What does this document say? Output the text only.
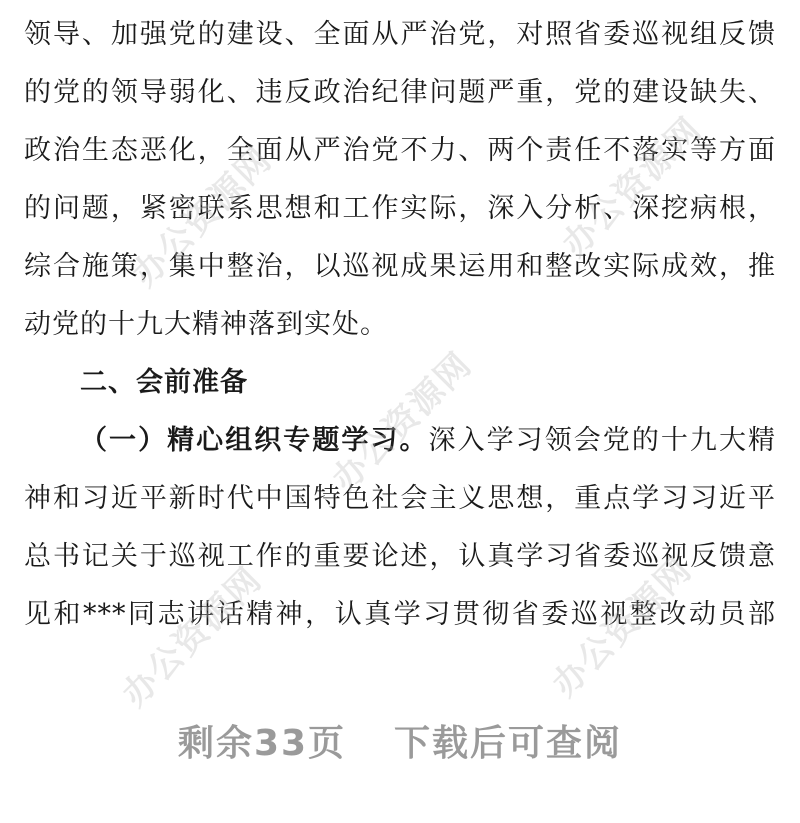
领导、加强党的建设、全面从严治党，对照省委巡视组反馈
的党的领导弱化、违反政治纪律问题严重，党的建设缺失、
政治生态恶化，全面从严治党不力、两个责任不落实等方面
的问题，紧密联系思想和工作实际，深入分析、深挖病根，
综合施策，集中整治，以巡视成果运用和整改实际成效，推
动党的十九大精神落到实处。
二、会前准备
（一）精心组织专题学习。深入学习领会党的十九大精
神和习近平新时代中国特色社会主义思想，重点学习习近平
总书记关于巡视工作的重要论述，认真学习省委巡视反馈意
见和***同志讲话精神，认真学习贯彻省委巡视整改动员部
办公资源网	办公资源网
办公资源网
办公资源网
办公资源网
剩余33页 下载后可查阅
